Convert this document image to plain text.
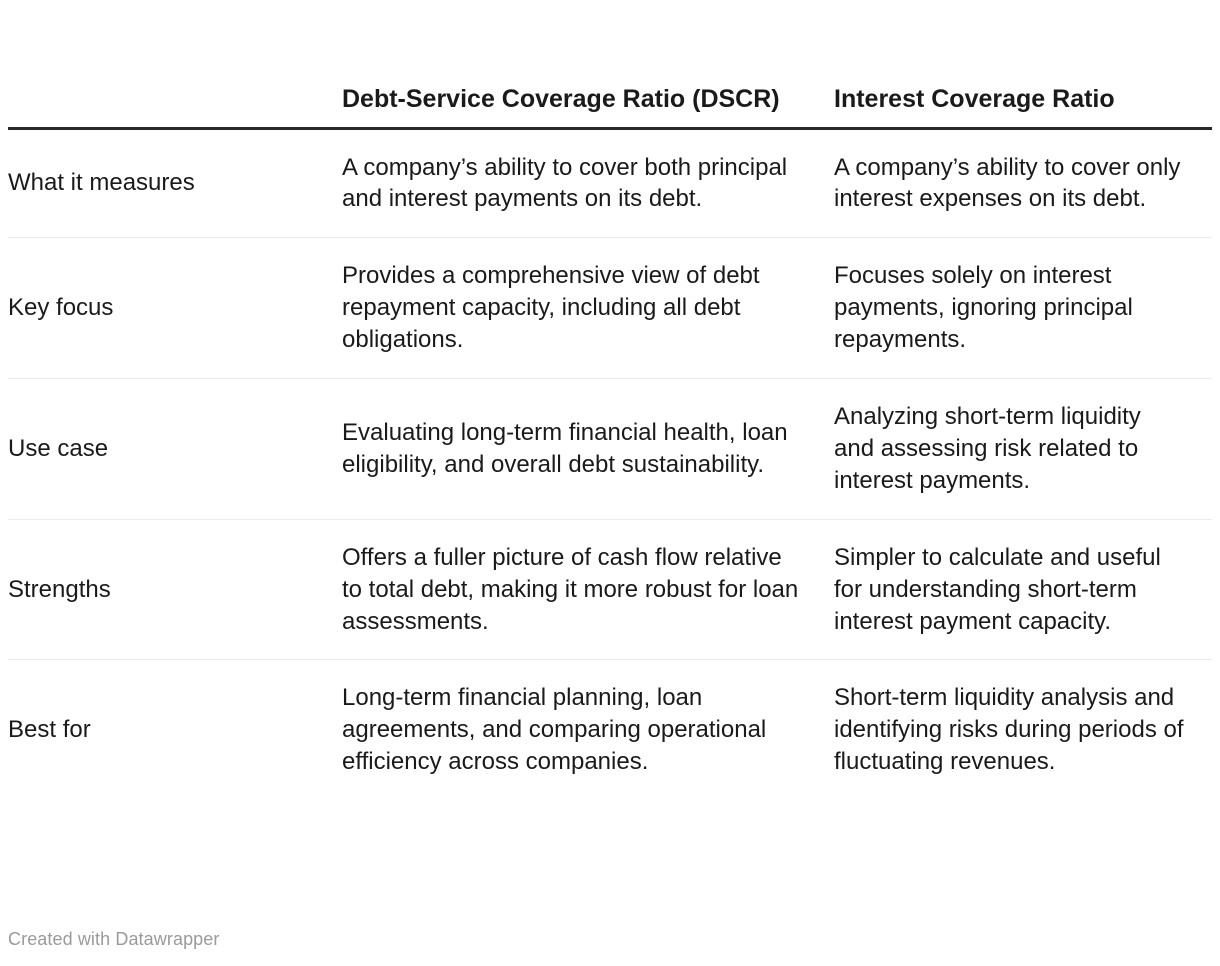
	Debt-Service Coverage Ratio (DSCR)	Interest Coverage Ratio
What it measures	A company’s ability to cover both principal and interest payments on its debt.	A company’s ability to cover only interest expenses on its debt.
Key focus	Provides a comprehensive view of debt repayment capacity, including all debt obligations.	Focuses solely on interest payments, ignoring principal repayments.
Use case	Evaluating long-term financial health, loan eligibility, and overall debt sustainability.	Analyzing short-term liquidity and assessing risk related to interest payments.
Strengths	Offers a fuller picture of cash flow relative to total debt, making it more robust for loan assessments.	Simpler to calculate and useful for understanding short-term interest payment capacity.
Best for	Long-term financial planning, loan agreements, and comparing operational efficiency across companies.	Short-term liquidity analysis and identifying risks during periods of fluctuating revenues.
Created with Datawrapper
